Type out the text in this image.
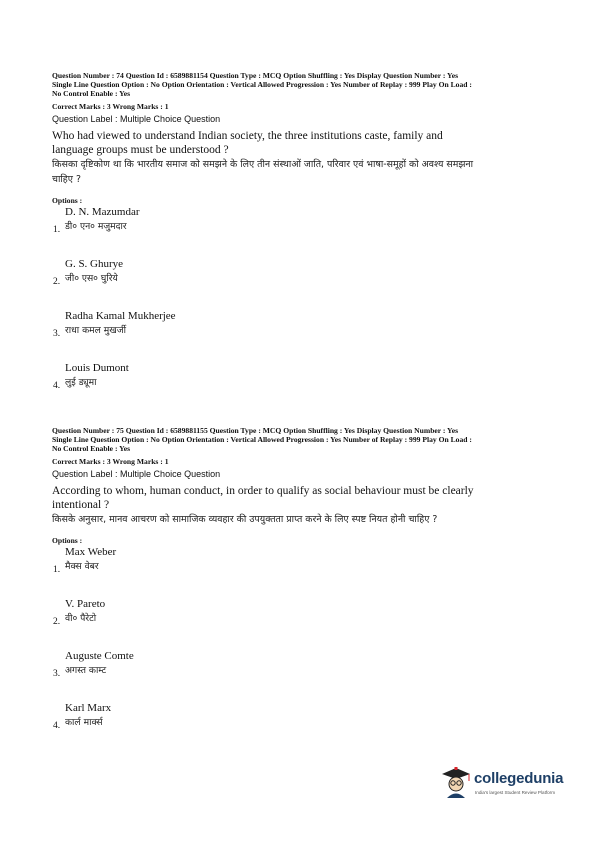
Question Number : 74 Question Id : 6589881154 Question Type : MCQ Option Shuffling : Yes Display Question Number : Yes
Single Line Question Option : No Option Orientation : Vertical Allowed Progression : Yes Number of Replay : 999 Play On Load :
No Control Enable : Yes
Correct Marks : 3 Wrong Marks : 1
Question Label : Multiple Choice Question
Who had viewed to understand Indian society, the three institutions caste, family and language groups must be understood ?
किसका दृष्टिकोण था कि भारतीय समाज को समझने के लिए तीन संस्थाओं जाति, परिवार एवं भाषा-समूहों को अवश्य समझना चाहिए ?
Options :
1.
D. N. Mazumdar
डी० एन० मजुमदार
2.
G. S. Ghurye
जी० एस० घुरिये
3.
Radha Kamal Mukherjee
राधा कमल मुखर्जी
4.
Louis Dumont
लुई ड्यूमा
Question Number : 75 Question Id : 6589881155 Question Type : MCQ Option Shuffling : Yes Display Question Number : Yes
Single Line Question Option : No Option Orientation : Vertical Allowed Progression : Yes Number of Replay : 999 Play On Load :
No Control Enable : Yes
Correct Marks : 3 Wrong Marks : 1
Question Label : Multiple Choice Question
According to whom, human conduct, in order to qualify as social behaviour must be clearly intentional ?
किसके अनुसार, मानव आचरण को सामाजिक व्यवहार की उपयुक्तता प्राप्त करने के लिए स्पष्ट नियत होनी चाहिए ?
Options :
1.
Max Weber
मैक्स वेबर
2.
V. Pareto
वी० पैरेटो
3.
Auguste Comte
अगस्त काम्ट
4.
Karl Marx
कार्ल मार्क्स
collegedunia
India's largest Student Review Platform
